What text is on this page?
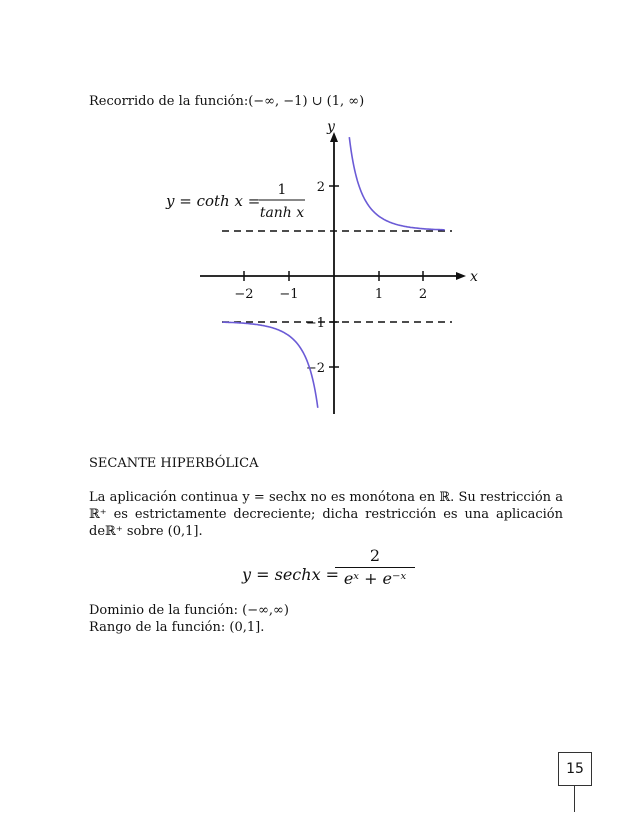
Recorrido de la función:(−∞, −1) ∪ (1, ∞)
y = coth x =
1
tanh x
x
y
−2 −1	1	2
2
−1
−2
SECANTE HIPERBÓLICA
La aplicación continua y = sechx no es monótona en ℝ. Su restricción a ℝ⁺ es estrictamente decreciente; dicha restricción es una aplicación deℝ⁺ sobre (0,1].
y = sechx =
2
eˣ + e⁻ˣ
Dominio de la función: (−∞,∞)
Rango de la función: (0,1].
15
